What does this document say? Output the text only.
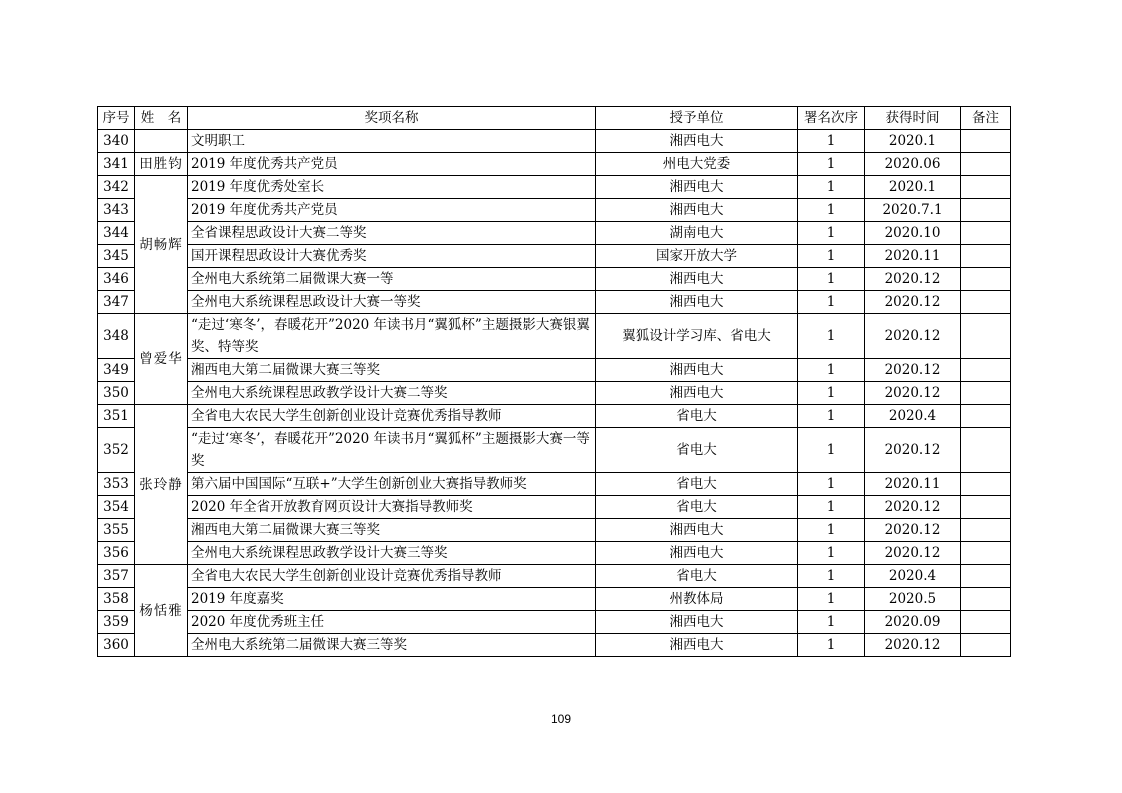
序号	姓　名	奖项名称	授予单位	署名次序	获得时间	备注
340		文明职工	湘西电大	1	2020.1	
341	田胜钧	2019 年度优秀共产党员	州电大党委	1	2020.06	
342	胡畅辉	2019 年度优秀处室长	湘西电大	1	2020.1	
343		2019 年度优秀共产党员	湘西电大	1	2020.7.1	
344		全省课程思政设计大赛二等奖	湖南电大	1	2020.10	
345		国开课程思政设计大赛优秀奖	国家开放大学	1	2020.11	
346		全州电大系统第二届微课大赛一等	湘西电大	1	2020.12	
347		全州电大系统课程思政设计大赛一等奖	湘西电大	1	2020.12	
348	曾爱华	“走过‘寒冬’，春暖花开”2020 年读书月“翼狐杯”主题摄影大赛银翼奖、特等奖	翼狐设计学习库、省电大	1	2020.12	
349		湘西电大第二届微课大赛三等奖	湘西电大	1	2020.12	
350		全州电大系统课程思政教学设计大赛二等奖	湘西电大	1	2020.12	
351	张玲静	全省电大农民大学生创新创业设计竞赛优秀指导教师	省电大	1	2020.4	
352		“走过‘寒冬’，春暖花开”2020 年读书月“翼狐杯”主题摄影大赛一等奖	省电大	1	2020.12	
353		第六届中国国际“互联+”大学生创新创业大赛指导教师奖	省电大	1	2020.11	
354		2020 年全省开放教育网页设计大赛指导教师奖	省电大	1	2020.12	
355		湘西电大第二届微课大赛三等奖	湘西电大	1	2020.12	
356		全州电大系统课程思政教学设计大赛三等奖	湘西电大	1	2020.12	
357	杨恬雅	全省电大农民大学生创新创业设计竞赛优秀指导教师	省电大	1	2020.4	
358		2019 年度嘉奖	州教体局	1	2020.5	
359		2020 年度优秀班主任	湘西电大	1	2020.09	
360		全州电大系统第二届微课大赛三等奖	湘西电大	1	2020.12	
109
